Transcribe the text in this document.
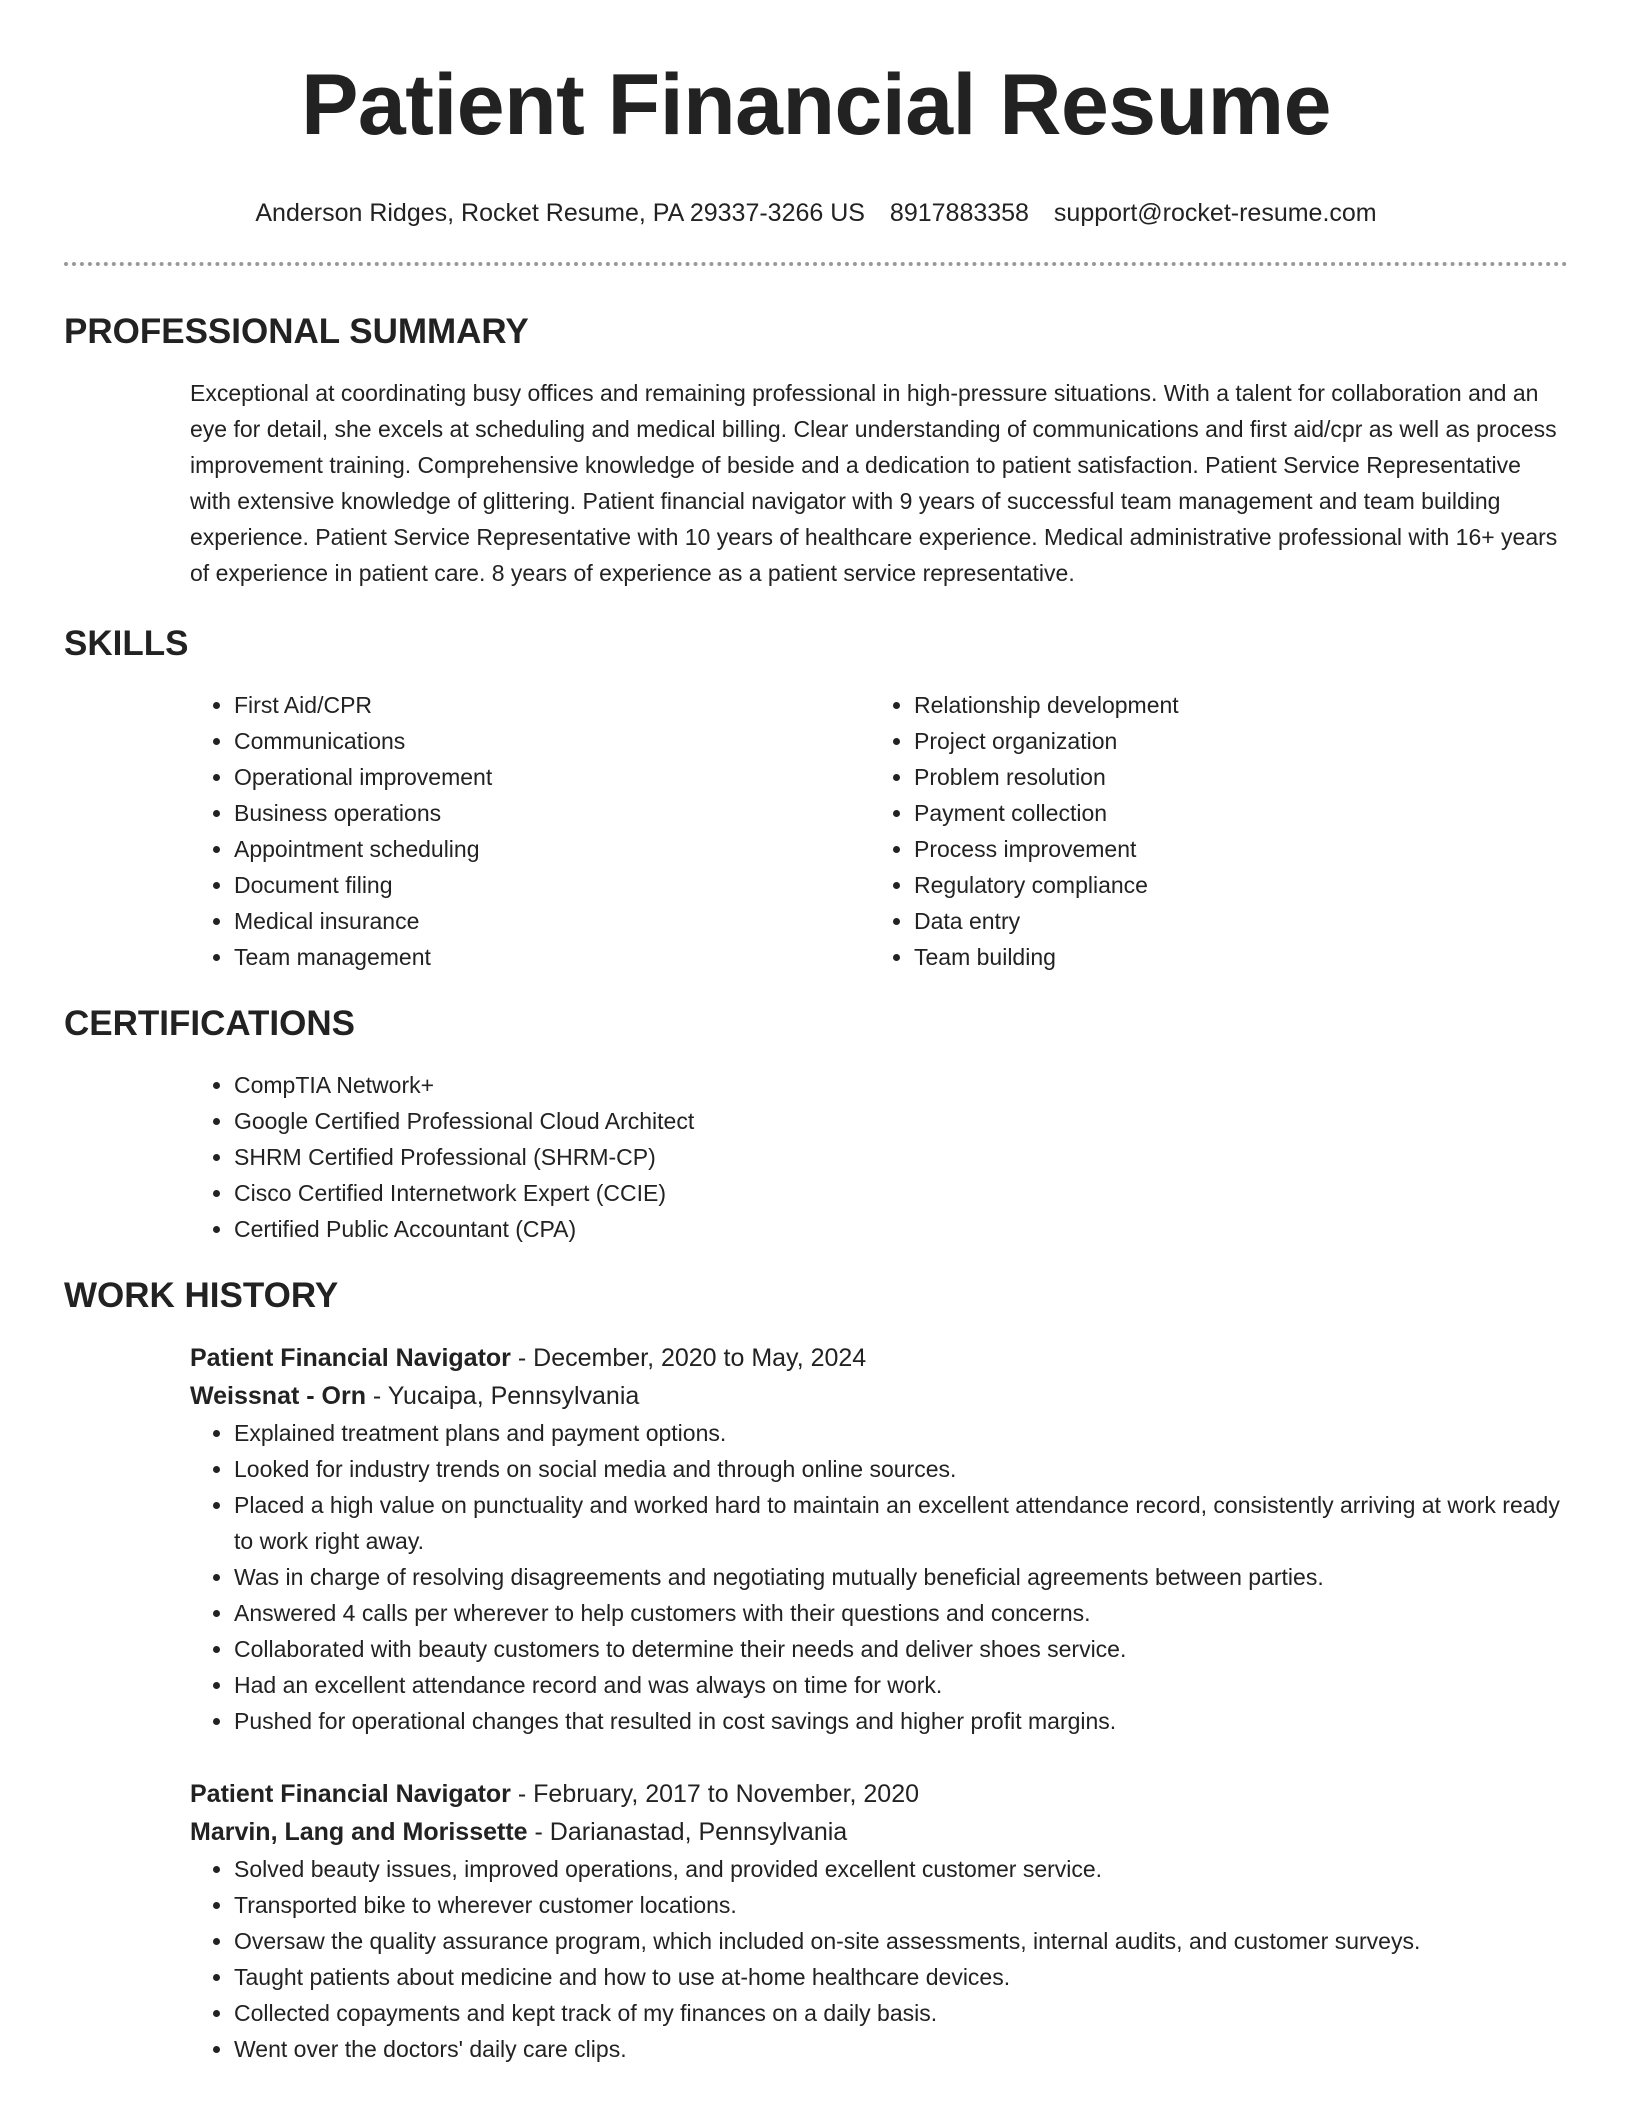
Patient Financial Resume
Anderson Ridges, Rocket Resume, PA 29337-3266 US 8917883358 support@rocket-resume.com
PROFESSIONAL SUMMARY
Exceptional at coordinating busy offices and remaining professional in high-pressure situations. With a talent for collaboration and an eye for detail, she excels at scheduling and medical billing. Clear understanding of communications and first aid/cpr as well as process improvement training. Comprehensive knowledge of beside and a dedication to patient satisfaction. Patient Service Representative with extensive knowledge of glittering. Patient financial navigator with 9 years of successful team management and team building experience. Patient Service Representative with 10 years of healthcare experience. Medical administrative professional with 16+ years of experience in patient care. 8 years of experience as a patient service representative.
SKILLS
• First Aid/CPR
• Communications
• Operational improvement
• Business operations
• Appointment scheduling
• Document filing
• Medical insurance
• Team management
• Relationship development
• Project organization
• Problem resolution
• Payment collection
• Process improvement
• Regulatory compliance
• Data entry
• Team building
CERTIFICATIONS
• CompTIA Network+
• Google Certified Professional Cloud Architect
• SHRM Certified Professional (SHRM-CP)
• Cisco Certified Internetwork Expert (CCIE)
• Certified Public Accountant (CPA)
WORK HISTORY
Patient Financial Navigator - December, 2020 to May, 2024
Weissnat - Orn - Yucaipa, Pennsylvania
• Explained treatment plans and payment options.
• Looked for industry trends on social media and through online sources.
• Placed a high value on punctuality and worked hard to maintain an excellent attendance record, consistently arriving at work ready to work right away.
• Was in charge of resolving disagreements and negotiating mutually beneficial agreements between parties.
• Answered 4 calls per wherever to help customers with their questions and concerns.
• Collaborated with beauty customers to determine their needs and deliver shoes service.
• Had an excellent attendance record and was always on time for work.
• Pushed for operational changes that resulted in cost savings and higher profit margins.
Patient Financial Navigator - February, 2017 to November, 2020
Marvin, Lang and Morissette - Darianastad, Pennsylvania
• Solved beauty issues, improved operations, and provided excellent customer service.
• Transported bike to wherever customer locations.
• Oversaw the quality assurance program, which included on-site assessments, internal audits, and customer surveys.
• Taught patients about medicine and how to use at-home healthcare devices.
• Collected copayments and kept track of my finances on a daily basis.
• Went over the doctors' daily care clips.
